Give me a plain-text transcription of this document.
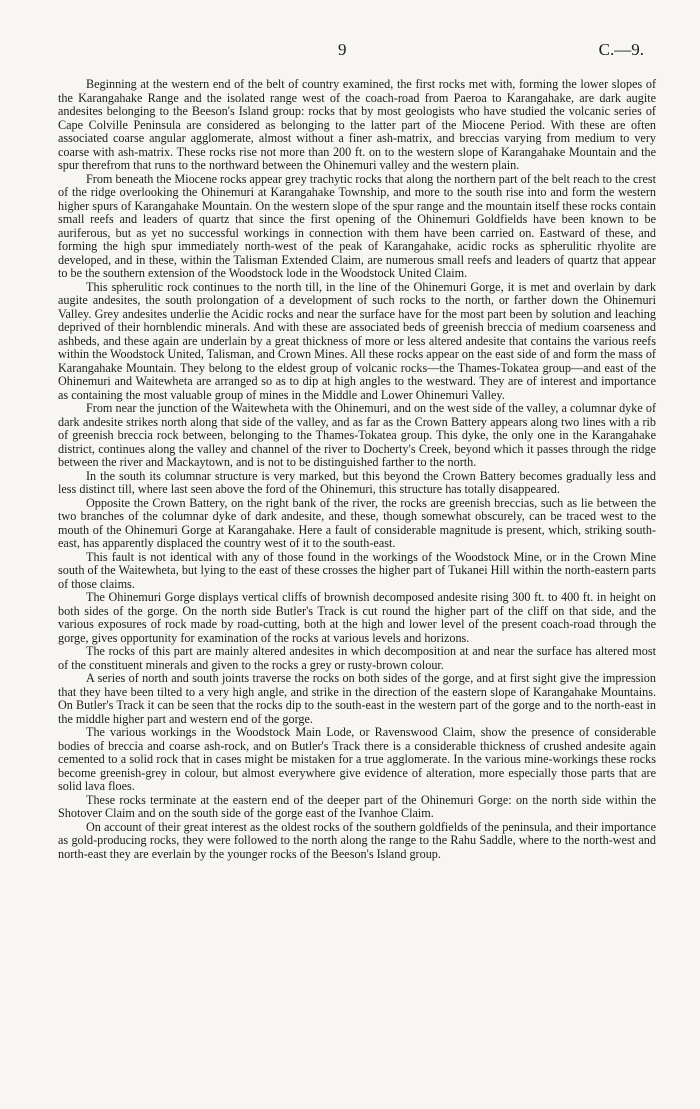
9	C.—9.

Beginning at the western end of the belt of country examined, the first rocks met with, forming the lower slopes of the Karangahake Range and the isolated range west of the coach-road from Paeroa to Karangahake, are dark augite andesites belonging to the Beeson's Island group: rocks that by most geologists who have studied the volcanic series of Cape Colville Peninsula are considered as belonging to the latter part of the Miocene Period. With these are often associated coarse angular agglomerate, almost without a finer ash-matrix, and breccias varying from medium to very coarse with ash-matrix. These rocks rise not more than 200 ft. on to the western slope of Karangahake Mountain and the spur therefrom that runs to the northward between the Ohinemuri valley and the western plain.

From beneath the Miocene rocks appear grey trachytic rocks that along the northern part of the belt reach to the crest of the ridge overlooking the Ohinemuri at Karangahake Township, and more to the south rise into and form the western higher spurs of Karangahake Mountain. On the western slope of the spur range and the mountain itself these rocks contain small reefs and leaders of quartz that since the first opening of the Ohinemuri Goldfields have been known to be auriferous, but as yet no successful workings in connection with them have been carried on. Eastward of these, and forming the high spur immediately north-west of the peak of Karangahake, acidic rocks as spherulitic rhyolite are developed, and in these, within the Talisman Extended Claim, are numerous small reefs and leaders of quartz that appear to be the southern extension of the Woodstock lode in the Woodstock United Claim.

This spherulitic rock continues to the north till, in the line of the Ohinemuri Gorge, it is met and overlain by dark augite andesites, the south prolongation of a development of such rocks to the north, or farther down the Ohinemuri Valley. Grey andesites underlie the Acidic rocks and near the surface have for the most part been by solution and leaching deprived of their hornblendic minerals. And with these are associated beds of greenish breccia of medium coarseness and ashbeds, and these again are underlain by a great thickness of more or less altered andesite that contains the various reefs within the Woodstock United, Talisman, and Crown Mines. All these rocks appear on the east side of and form the mass of Karangahake Mountain. They belong to the eldest group of volcanic rocks—the Thames-Tokatea group—and east of the Ohinemuri and Waitewheta are arranged so as to dip at high angles to the westward. They are of interest and importance as containing the most valuable group of mines in the Middle and Lower Ohinemuri Valley.

From near the junction of the Waitewheta with the Ohinemuri, and on the west side of the valley, a columnar dyke of dark andesite strikes north along that side of the valley, and as far as the Crown Battery appears along two lines with a rib of greenish breccia rock between, belonging to the Thames-Tokatea group. This dyke, the only one in the Karangahake district, continues along the valley and channel of the river to Docherty's Creek, beyond which it passes through the ridge between the river and Mackaytown, and is not to be distinguished farther to the north.

In the south its columnar structure is very marked, but this beyond the Crown Battery becomes gradually less and less distinct till, where last seen above the ford of the Ohinemuri, this structure has totally disappeared.

Opposite the Crown Battery, on the right bank of the river, the rocks are greenish breccias, such as lie between the two branches of the columnar dyke of dark andesite, and these, though somewhat obscurely, can be traced west to the mouth of the Ohinemuri Gorge at Karangahake. Here a fault of considerable magnitude is present, which, striking south-east, has apparently displaced the country west of it to the south-east.

This fault is not identical with any of those found in the workings of the Woodstock Mine, or in the Crown Mine south of the Waitewheta, but lying to the east of these crosses the higher part of Tukanei Hill within the north-eastern parts of those claims.

The Ohinemuri Gorge displays vertical cliffs of brownish decomposed andesite rising 300 ft. to 400 ft. in height on both sides of the gorge. On the north side Butler's Track is cut round the higher part of the cliff on that side, and the various exposures of rock made by road-cutting, both at the high and lower level of the present coach-road through the gorge, gives opportunity for examination of the rocks at various levels and horizons.

The rocks of this part are mainly altered andesites in which decomposition at and near the surface has altered most of the constituent minerals and given to the rocks a grey or rusty-brown colour.

A series of north and south joints traverse the rocks on both sides of the gorge, and at first sight give the impression that they have been tilted to a very high angle, and strike in the direction of the eastern slope of Karangahake Mountains. On Butler's Track it can be seen that the rocks dip to the south-east in the western part of the gorge and to the north-east in the middle higher part and western end of the gorge.

The various workings in the Woodstock Main Lode, or Ravenswood Claim, show the presence of considerable bodies of breccia and coarse ash-rock, and on Butler's Track there is a considerable thickness of crushed andesite again cemented to a solid rock that in cases might be mistaken for a true agglomerate. In the various mine-workings these rocks become greenish-grey in colour, but almost everywhere give evidence of alteration, more especially those parts that are solid lava floes.

These rocks terminate at the eastern end of the deeper part of the Ohinemuri Gorge: on the north side within the Shotover Claim and on the south side of the gorge east of the Ivanhoe Claim.

On account of their great interest as the oldest rocks of the southern goldfields of the peninsula, and their importance as gold-producing rocks, they were followed to the north along the range to the Rahu Saddle, where to the north-west and north-east they are everlain by the younger rocks of the Beeson's Island group.
